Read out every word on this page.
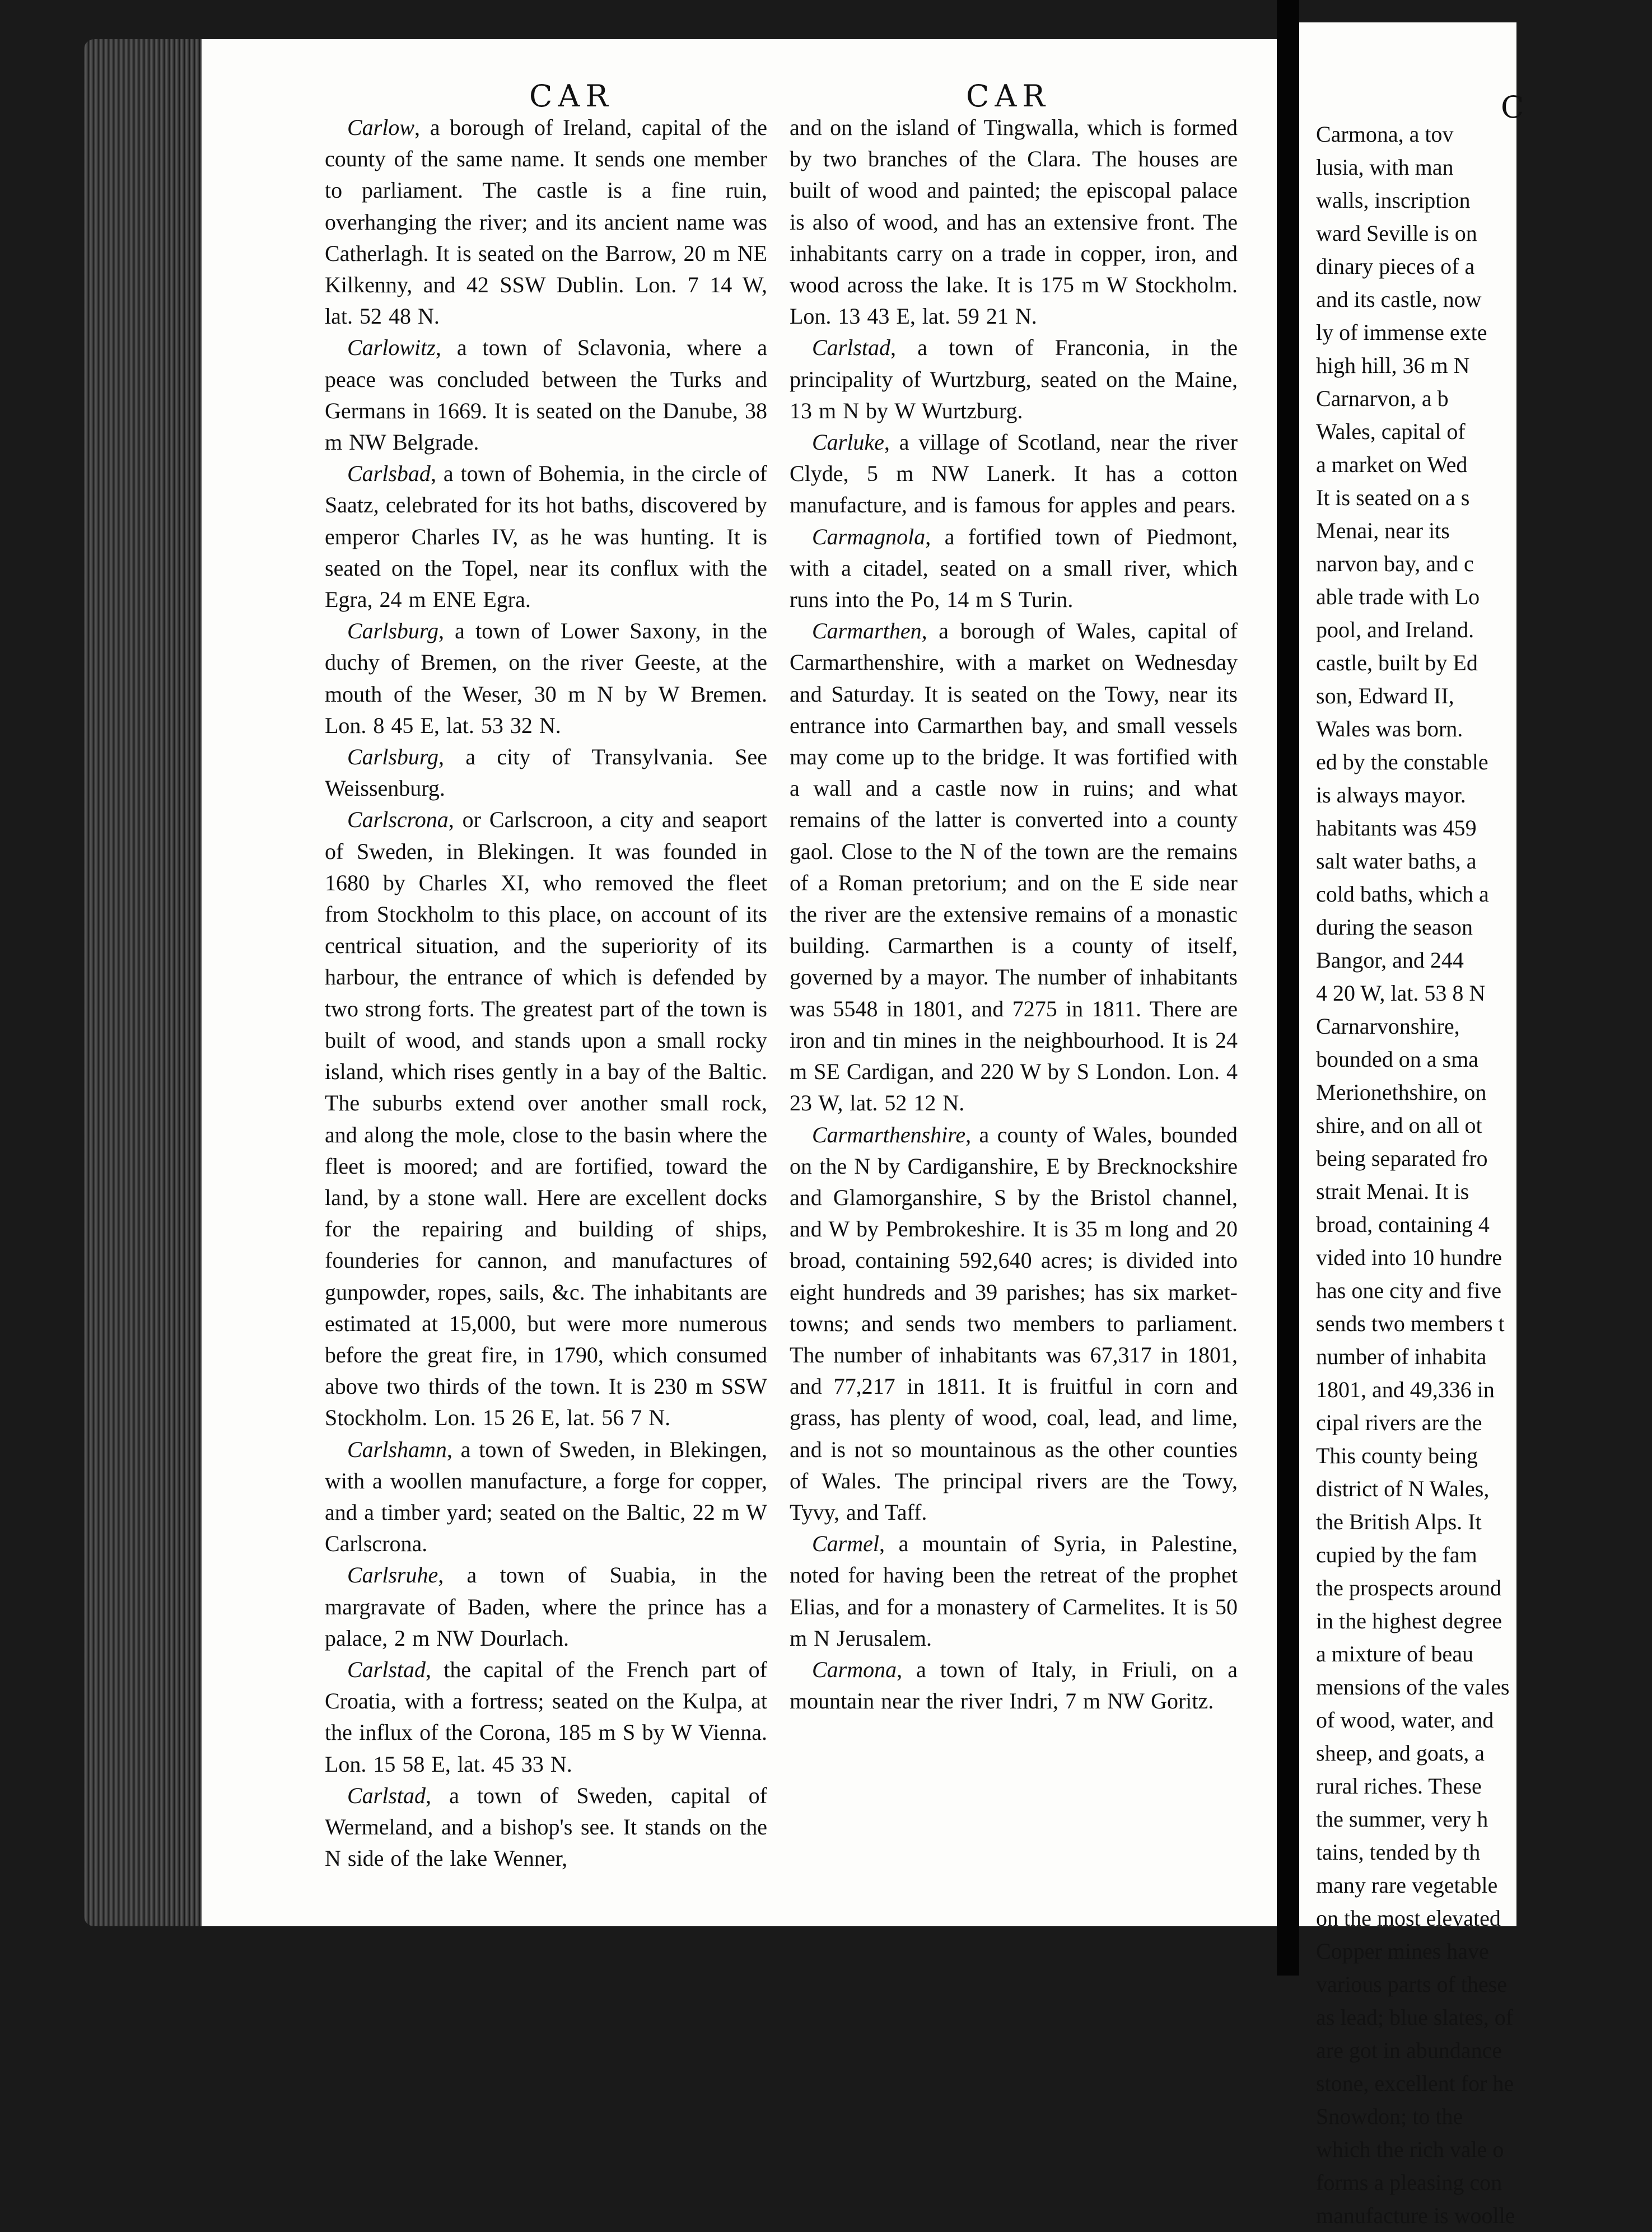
CAR	CAR

Carlow, a borough of Ireland, capital of the county of the same name. It sends one member to parliament. The castle is a fine ruin, overhanging the river; and its ancient name was Catherlagh. It is seated on the Barrow, 20 m NE Kilkenny, and 42 SSW Dublin. Lon. 7 14 W, lat. 52 48 N.

Carlowitz, a town of Sclavonia, where a peace was concluded between the Turks and Germans in 1669. It is seated on the Danube, 38 m NW Belgrade.

Carlsbad, a town of Bohemia, in the circle of Saatz, celebrated for its hot baths, discovered by emperor Charles IV, as he was hunting. It is seated on the Topel, near its conflux with the Egra, 24 m ENE Egra.

Carlsburg, a town of Lower Saxony, in the duchy of Bremen, on the river Geeste, at the mouth of the Weser, 30 m N by W Bremen. Lon. 8 45 E, lat. 53 32 N.

Carlsburg, a city of Transylvania. See Weissenburg.

Carlscrona, or Carlscroon, a city and seaport of Sweden, in Blekingen. It was founded in 1680 by Charles XI, who removed the fleet from Stockholm to this place, on account of its centrical situation, and the superiority of its harbour, the entrance of which is defended by two strong forts. The greatest part of the town is built of wood, and stands upon a small rocky island, which rises gently in a bay of the Baltic. The suburbs extend over another small rock, and along the mole, close to the basin where the fleet is moored; and are fortified, toward the land, by a stone wall. Here are excellent docks for the repairing and building of ships, founderies for cannon, and manufactures of gunpowder, ropes, sails, &c. The inhabitants are estimated at 15,000, but were more numerous before the great fire, in 1790, which consumed above two thirds of the town. It is 230 m SSW Stockholm. Lon. 15 26 E, lat. 56 7 N.

Carlshamn, a town of Sweden, in Blekingen, with a woollen manufacture, a forge for copper, and a timber yard; seated on the Baltic, 22 m W Carlscrona.

Carlsruhe, a town of Suabia, in the margravate of Baden, where the prince has a palace, 2 m NW Dourlach.

Carlstad, the capital of the French part of Croatia, with a fortress; seated on the Kulpa, at the influx of the Corona, 185 m S by W Vienna. Lon. 15 58 E, lat. 45 33 N.

Carlstad, a town of Sweden, capital of Wermeland, and a bishop's see. It stands on the N side of the lake Wenner,

and on the island of Tingwalla, which is formed by two branches of the Clara. The houses are built of wood and painted; the episcopal palace is also of wood, and has an extensive front. The inhabitants carry on a trade in copper, iron, and wood across the lake. It is 175 m W Stockholm. Lon. 13 43 E, lat. 59 21 N.

Carlstad, a town of Franconia, in the principality of Wurtzburg, seated on the Maine, 13 m N by W Wurtzburg.

Carluke, a village of Scotland, near the river Clyde, 5 m NW Lanerk. It has a cotton manufacture, and is famous for apples and pears.

Carmagnola, a fortified town of Piedmont, with a citadel, seated on a small river, which runs into the Po, 14 m S Turin.

Carmarthen, a borough of Wales, capital of Carmarthenshire, with a market on Wednesday and Saturday. It is seated on the Towy, near its entrance into Carmarthen bay, and small vessels may come up to the bridge. It was fortified with a wall and a castle now in ruins; and what remains of the latter is converted into a county gaol. Close to the N of the town are the remains of a Roman pretorium; and on the E side near the river are the extensive remains of a monastic building. Carmarthen is a county of itself, governed by a mayor. The number of inhabitants was 5548 in 1801, and 7275 in 1811. There are iron and tin mines in the neighbourhood. It is 24 m SE Cardigan, and 220 W by S London. Lon. 4 23 W, lat. 52 12 N.

Carmarthenshire, a county of Wales, bounded on the N by Cardiganshire, E by Brecknockshire and Glamorganshire, S by the Bristol channel, and W by Pembrokeshire. It is 35 m long and 20 broad, containing 592,640 acres; is divided into eight hundreds and 39 parishes; has six market-towns; and sends two members to parliament. The number of inhabitants was 67,317 in 1801, and 77,217 in 1811. It is fruitful in corn and grass, has plenty of wood, coal, lead, and lime, and is not so mountainous as the other counties of Wales. The principal rivers are the Towy, Tyvy, and Taff.

Carmel, a mountain of Syria, in Palestine, noted for having been the retreat of the prophet Elias, and for a monastery of Carmelites. It is 50 m N Jerusalem.

Carmona, a town of Italy, in Friuli, on a mountain near the river Indri, 7 m NW Goritz.

C
Carmona, a tov
lusia, with man
walls, inscription
ward Seville is on
dinary pieces of a
and its castle, now
ly of immense exte
high hill, 36 m N
Carnarvon, a b
Wales, capital of
a market on Wed
It is seated on a s
Menai, near its
narvon bay, and c
able trade with Lo
pool, and Ireland.
castle, built by Ed
son, Edward II,
Wales was born.
ed by the constable
is always mayor.
habitants was 459
salt water baths, a
cold baths, which a
during the season
Bangor, and 244
4 20 W, lat. 53 8 N
Carnarvonshire,
bounded on a sma
Merionethshire, on
shire, and on all ot
being separated fro
strait Menai. It is
broad, containing 4
vided into 10 hundre
has one city and five
sends two members t
number of inhabita
1801, and 49,336 in
cipal rivers are the
This county being
district of N Wales,
the British Alps. It
cupied by the fam
the prospects around
in the highest degree
a mixture of beau
mensions of the vales
of wood, water, and
sheep, and goats, a
rural riches. These
the summer, very h
tains, tended by th
many rare vegetable
on the most elevated
Copper mines have
various parts of these
as lead; blue slates, of
are got in abundance
stone, excellent for he
Snowdon; to the
which the rich vale o
forms a pleasing con
manufacture is woolle
